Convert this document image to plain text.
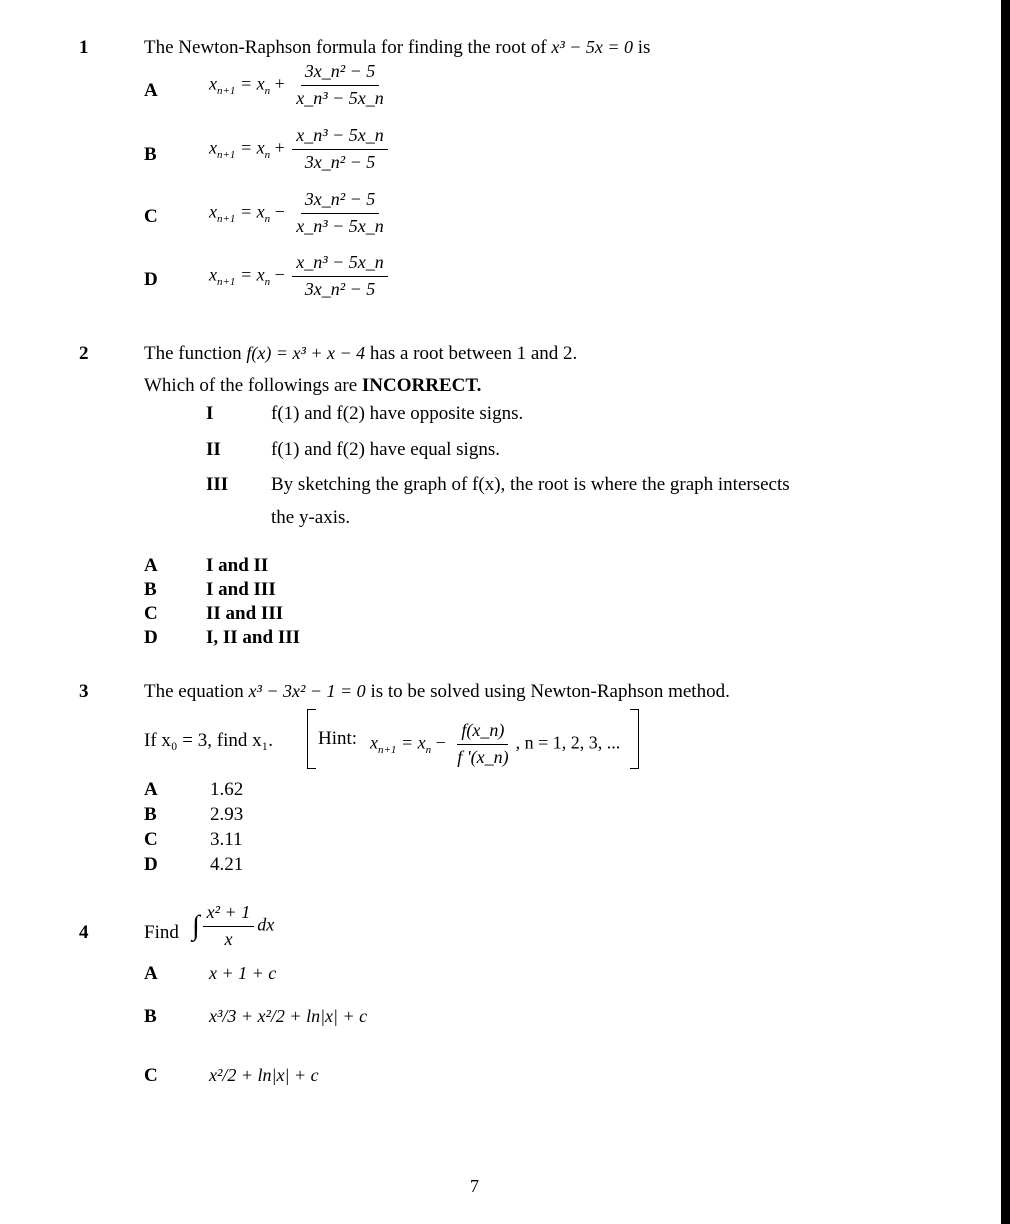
1	The Newton-Raphson formula for finding the root of x³ − 5x = 0 is
A	$x_{n+1} = x_n + \frac{\text{3x\_n² − 5}}{\text{x\_n³ − 5x\_n}}$
B	$x_{n+1} = x_n + \frac{\text{x\_n³ − 5x\_n}}{\text{3x\_n² − 5}}$
C	$x_{n+1} = x_n - \frac{\text{3x\_n² − 5}}{\text{x\_n³ − 5x\_n}}$
D	$x_{n+1} = x_n - \frac{\text{x\_n³ − 5x\_n}}{\text{3x\_n² − 5}}$
2	The function f(x) = x³ + x − 4 has a root between 1 and 2.
Which of the followings are INCORRECT.
I	f(1) and f(2) have opposite signs.
II	f(1) and f(2) have equal signs.
III By sketching the graph of f(x), the root is where the graph intersects
the y-axis.
A	I and II
B	I and III
C	II and III
D	I, II and III
3	The equation x³ − 3x² − 1 = 0 is to be solved using Newton-Raphson method.
If x₀ = 3, find x₁. Hint: $x_{n+1} = x_n - \frac{f(x\_n)}{f '(x\_n)}$ , n = 1, 2, 3, ...
A	1.62
B	2.93
C	3.11
D	4.21
4	Find ∫ $\frac{\text{x² + 1}}{x}$ dx
A	x + 1 + c
B	x³/3 + x²/2 + ln|x| + c
C	x²/2 + ln|x| + c
7
